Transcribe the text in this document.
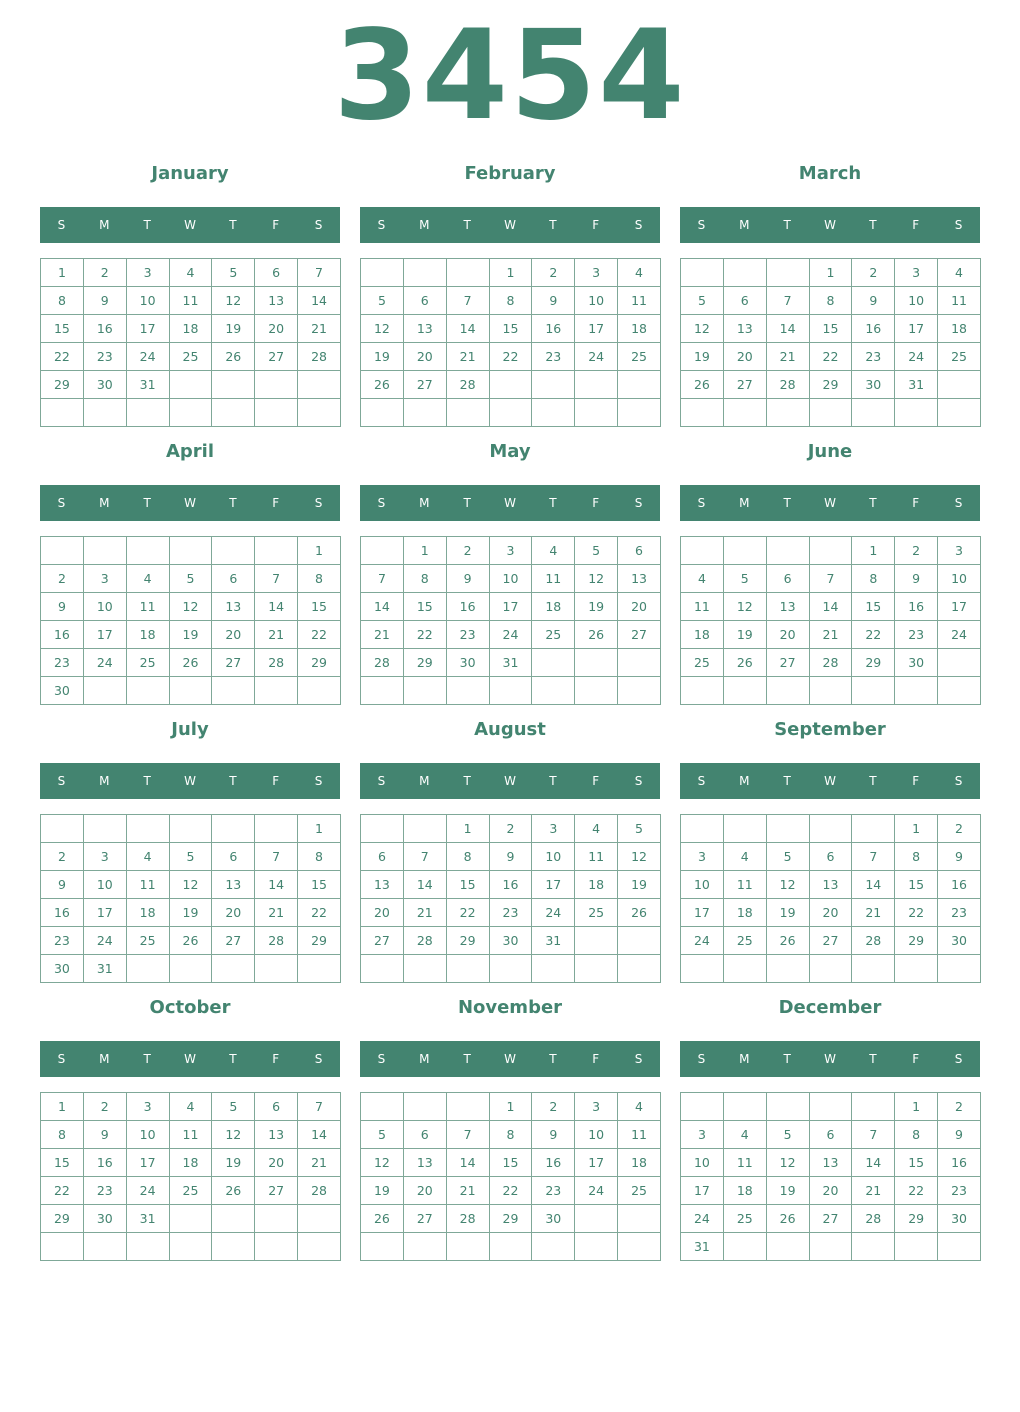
3454
January
S	M	T	W	T	F	S
1	2	3	4	5	6	7
8	9	10	11	12	13	14
15	16	17	18	19	20	21
22	23	24	25	26	27	28
29	30	31				

February
S	M	T	W	T	F	S
			1	2	3	4
5	6	7	8	9	10	11
12	13	14	15	16	17	18
19	20	21	22	23	24	25
26	27	28				

March
S	M	T	W	T	F	S
			1	2	3	4
5	6	7	8	9	10	11
12	13	14	15	16	17	18
19	20	21	22	23	24	25
26	27	28	29	30	31	

April
S	M	T	W	T	F	S
						1
2	3	4	5	6	7	8
9	10	11	12	13	14	15
16	17	18	19	20	21	22
23	24	25	26	27	28	29
30						
May
S	M	T	W	T	F	S
	1	2	3	4	5	6
7	8	9	10	11	12	13
14	15	16	17	18	19	20
21	22	23	24	25	26	27
28	29	30	31			

June
S	M	T	W	T	F	S
				1	2	3
4	5	6	7	8	9	10
11	12	13	14	15	16	17
18	19	20	21	22	23	24
25	26	27	28	29	30	

July
S	M	T	W	T	F	S
						1
2	3	4	5	6	7	8
9	10	11	12	13	14	15
16	17	18	19	20	21	22
23	24	25	26	27	28	29
30	31					
August
S	M	T	W	T	F	S
		1	2	3	4	5
6	7	8	9	10	11	12
13	14	15	16	17	18	19
20	21	22	23	24	25	26
27	28	29	30	31		

September
S	M	T	W	T	F	S
					1	2
3	4	5	6	7	8	9
10	11	12	13	14	15	16
17	18	19	20	21	22	23
24	25	26	27	28	29	30

October
S	M	T	W	T	F	S
1	2	3	4	5	6	7
8	9	10	11	12	13	14
15	16	17	18	19	20	21
22	23	24	25	26	27	28
29	30	31				

November
S	M	T	W	T	F	S
			1	2	3	4
5	6	7	8	9	10	11
12	13	14	15	16	17	18
19	20	21	22	23	24	25
26	27	28	29	30		

December
S	M	T	W	T	F	S
					1	2
3	4	5	6	7	8	9
10	11	12	13	14	15	16
17	18	19	20	21	22	23
24	25	26	27	28	29	30
31						
